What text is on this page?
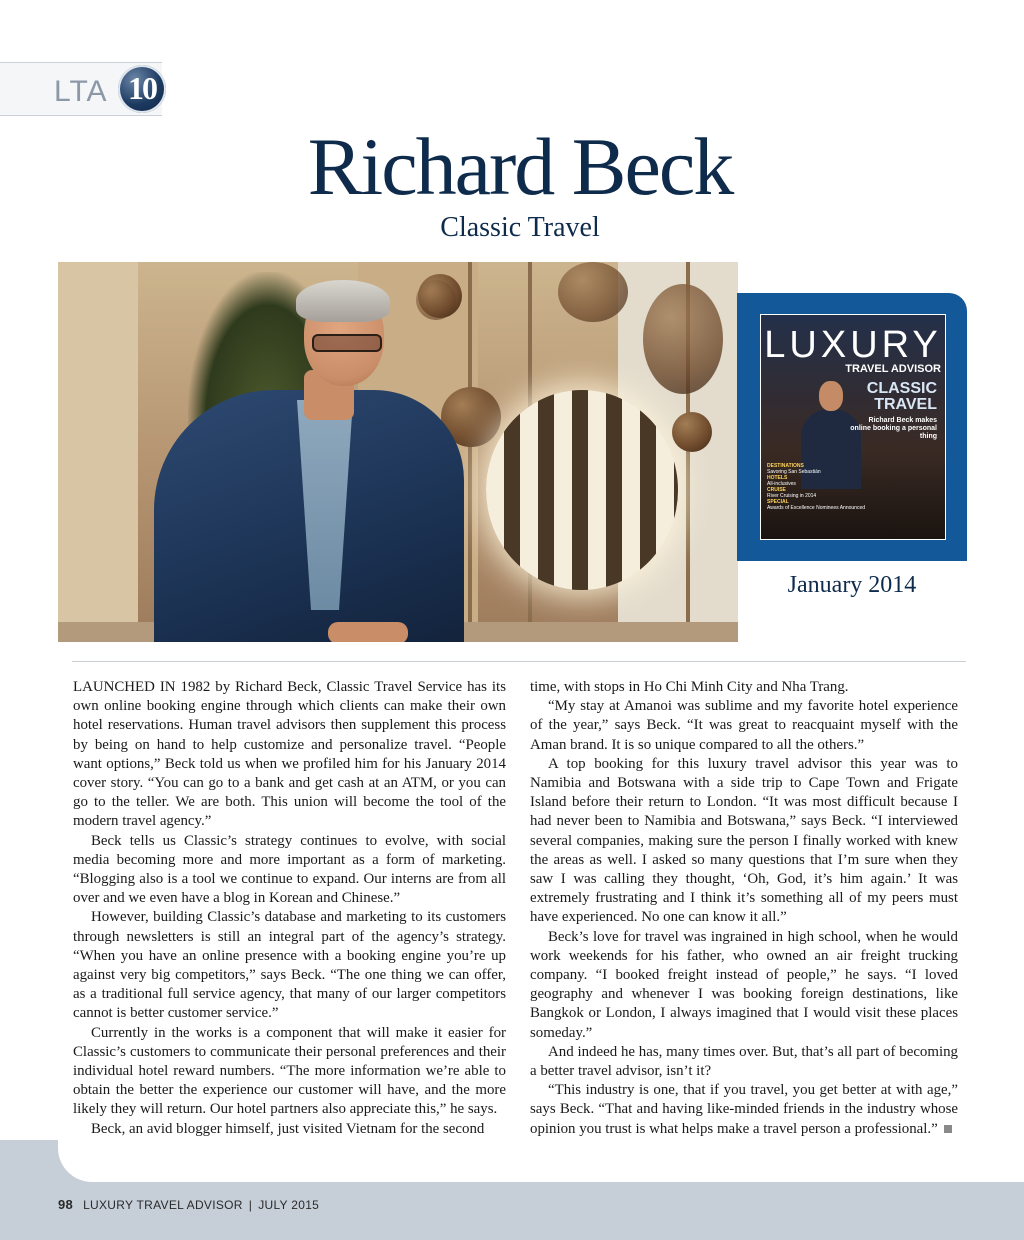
LTA 10
Richard Beck
Classic Travel
LUXURY
TRAVEL ADVISOR
CLASSIC TRAVEL
Richard Beck makes online booking a personal thing
DESTINATIONS
Savoring San Sebastián
HOTELS
All-inclusives
CRUISE
River Cruising in 2014
SPECIAL
Awards of Excellence Nominees Announced
January 2014

LAUNCHED IN 1982 by Richard Beck, Classic Travel Service has its own online booking engine through which clients can make their own hotel reservations. Human travel advisors then supplement this process by being on hand to help customize and personalize travel. “People want options,” Beck told us when we profiled him for his January 2014 cover story. “You can go to a bank and get cash at an ATM, or you can go to the teller. We are both. This union will become the tool of the modern travel agency.”

Beck tells us Classic’s strategy continues to evolve, with social media becoming more and more important as a form of marketing. “Blogging also is a tool we continue to expand. Our interns are from all over and we even have a blog in Korean and Chinese.”

However, building Classic’s database and marketing to its customers through newsletters is still an integral part of the agency’s strategy. “When you have an online presence with a booking engine you’re up against very big competitors,” says Beck. “The one thing we can offer, as a traditional full service agency, that many of our larger competitors cannot is better customer service.”

Currently in the works is a component that will make it easier for Classic’s customers to communicate their personal preferences and their individual hotel reward numbers. “The more information we’re able to obtain the better the experience our customer will have, and the more likely they will return. Our hotel partners also appreciate this,” he says.

Beck, an avid blogger himself, just visited Vietnam for the second

time, with stops in Ho Chi Minh City and Nha Trang.

“My stay at Amanoi was sublime and my favorite hotel experience of the year,” says Beck. “It was great to reacquaint myself with the Aman brand. It is so unique compared to all the others.”

A top booking for this luxury travel advisor this year was to Namibia and Botswana with a side trip to Cape Town and Frigate Island before their return to London. “It was most difficult because I had never been to Namibia and Botswana,” says Beck. “I interviewed several companies, making sure the person I finally worked with knew the areas as well. I asked so many questions that I’m sure when they saw I was calling they thought, ‘Oh, God, it’s him again.’ It was extremely frustrating and I think it’s something all of my peers must have experienced. No one can know it all.”

Beck’s love for travel was ingrained in high school, when he would work weekends for his father, who owned an air freight trucking company. “I booked freight instead of people,” he says. “I loved geography and whenever I was booking foreign destinations, like Bangkok or London, I always imagined that I would visit these places someday.”

And indeed he has, many times over. But, that’s all part of becoming a better travel advisor, isn’t it?

“This industry is one, that if you travel, you get better at with age,” says Beck. “That and having like-minded friends in the industry whose opinion you trust is what helps make a travel person a professional.”

98 LUXURY TRAVEL ADVISOR | JULY 2015
